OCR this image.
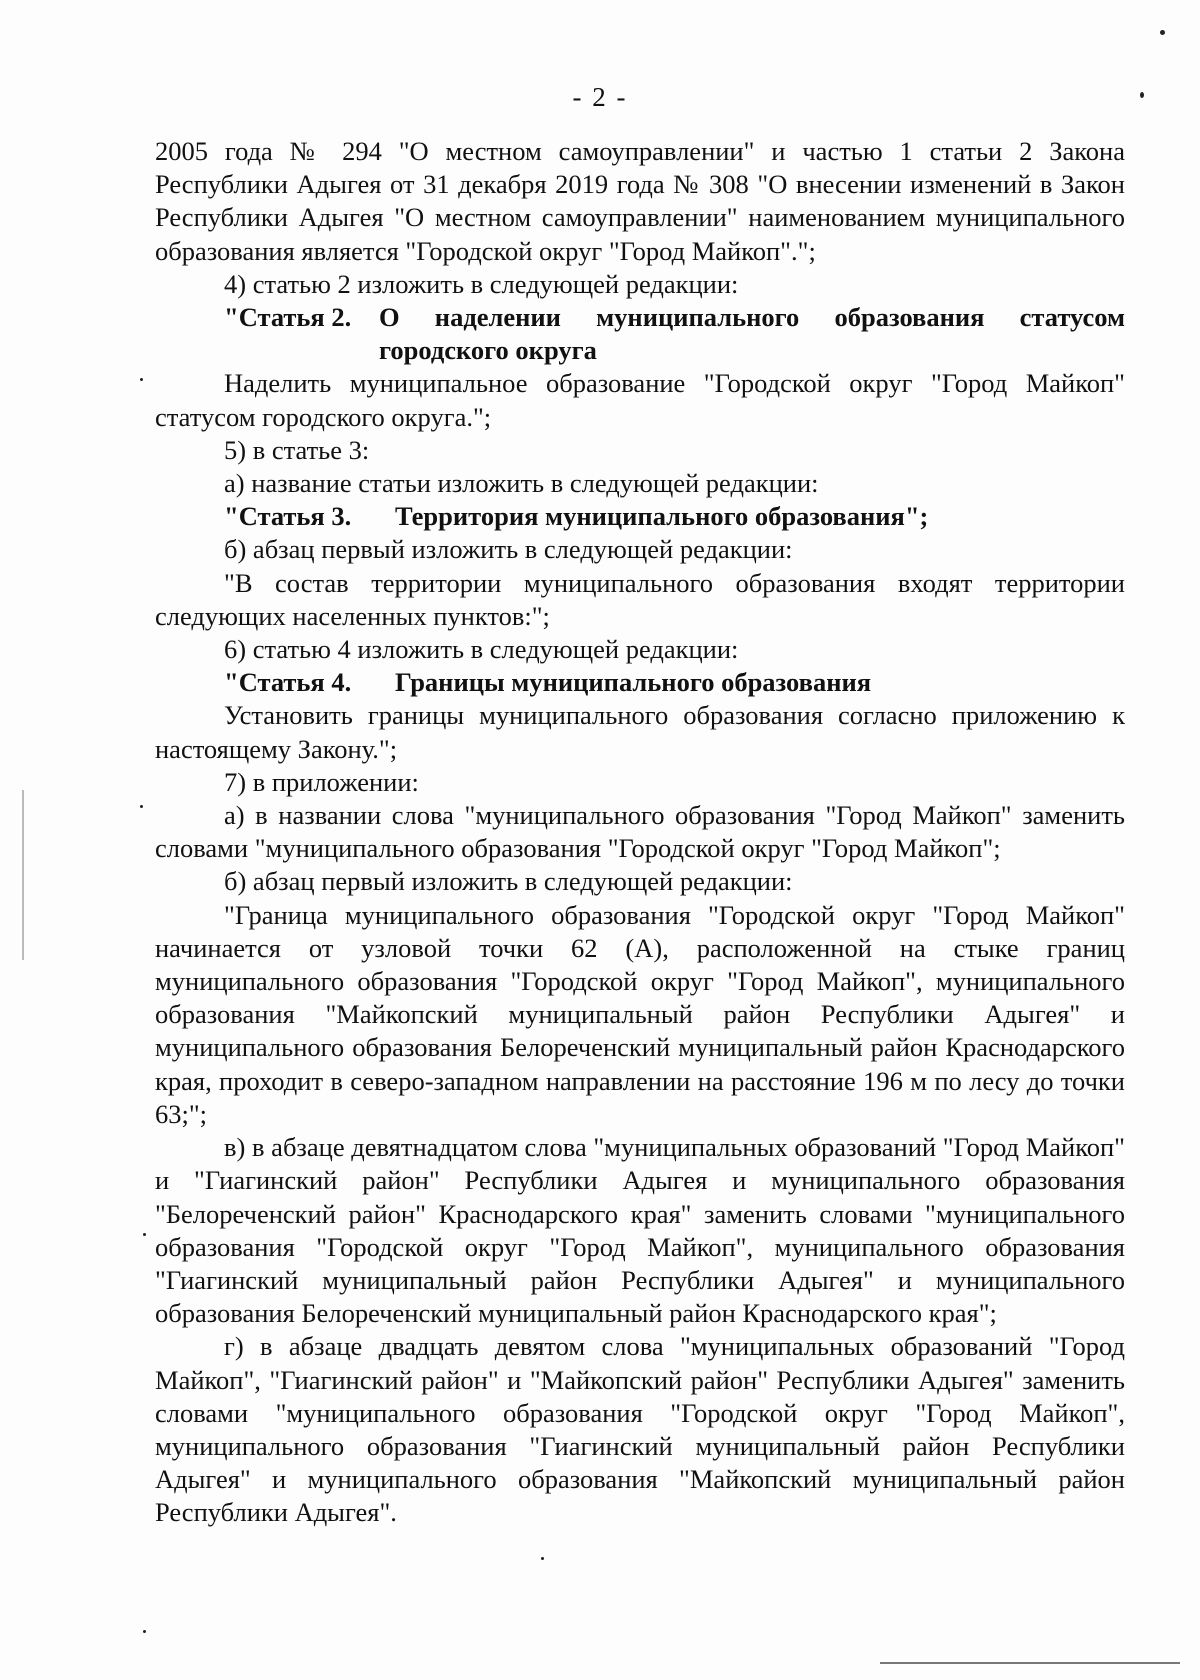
- 2 -

2005 года № 294 "О местном самоуправлении" и частью 1 статьи 2 Закона Республики Адыгея от 31 декабря 2019 года № 308 "О внесении изменений в Закон Республики Адыгея "О местном самоуправлении" наименованием муниципального образования является "Городской округ "Город Майкоп".";

4) статью 2 изложить в следующей редакции:

"Статья 2.	О наделении муниципального образования статусом городского округа

Наделить муниципальное образование "Городской округ "Город Майкоп" статусом городского округа.";

5) в статье 3:

а) название статьи изложить в следующей редакции:

"Статья 3.	Территория муниципального образования";

б) абзац первый изложить в следующей редакции:

"В состав территории муниципального образования входят территории следующих населенных пунктов:";

6) статью 4 изложить в следующей редакции:

"Статья 4.	Границы муниципального образования

Установить границы муниципального образования согласно приложению к настоящему Закону.";

7) в приложении:

а) в названии слова "муниципального образования "Город Майкоп" заменить словами "муниципального образования "Городской округ "Город Майкоп";

б) абзац первый изложить в следующей редакции:

"Граница муниципального образования "Городской округ "Город Майкоп" начинается от узловой точки 62 (А), расположенной на стыке границ муниципального образования "Городской округ "Город Майкоп", муниципального образования "Майкопский муниципальный район Республики Адыгея" и муниципального образования Белореченский муниципальный район Краснодарского края, проходит в северо-западном направлении на расстояние 196 м по лесу до точки 63;";

в) в абзаце девятнадцатом слова "муниципальных образований "Город Майкоп" и "Гиагинский район" Республики Адыгея и муниципального образования "Белореченский район" Краснодарского края" заменить словами "муниципального образования "Городской округ "Город Майкоп", муниципального образования "Гиагинский муниципальный район Республики Адыгея" и муниципального образования Белореченский муниципальный район Краснодарского края";

г) в абзаце двадцать девятом слова "муниципальных образований "Город Майкоп", "Гиагинский район" и "Майкопский район" Республики Адыгея" заменить словами "муниципального образования "Городской округ "Город Майкоп", муниципального образования "Гиагинский муниципальный район Республики Адыгея" и муниципального образования "Майкопский муниципальный район Республики Адыгея".
